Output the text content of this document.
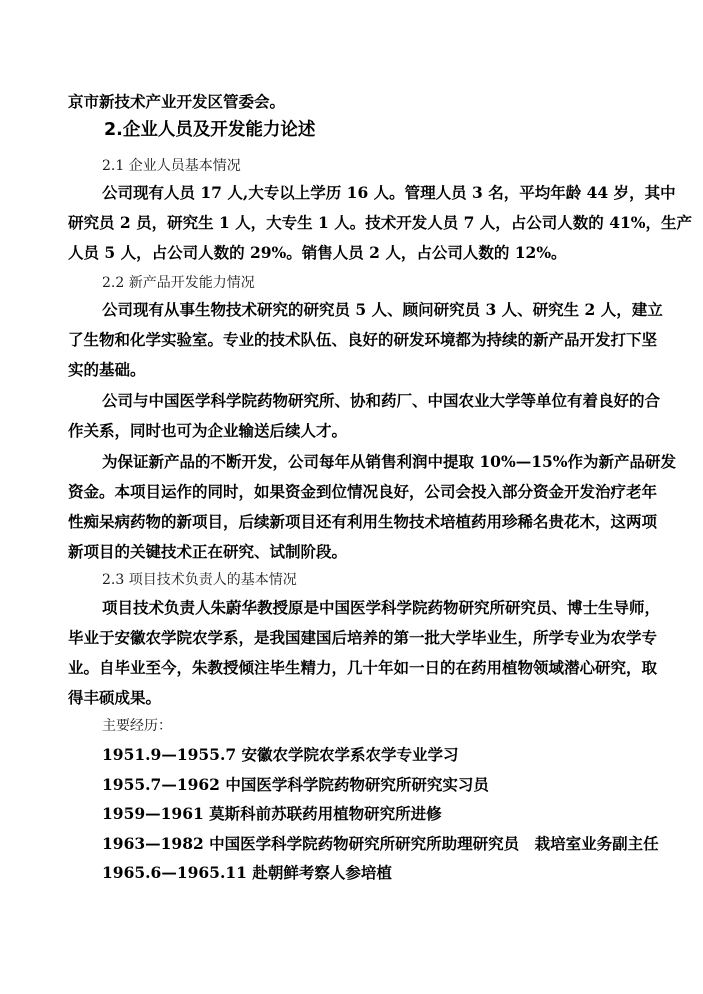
京市新技术产业开发区管委会。
2.企业人员及开发能力论述
2.1 企业人员基本情况
公司现有人员 17 人,大专以上学历 16 人。管理人员 3 名，平均年龄 44 岁，其中
研究员 2 员，研究生 1 人，大专生 1 人。技术开发人员 7 人，占公司人数的 41%，生产
人员 5 人，占公司人数的 29%。销售人员 2 人，占公司人数的 12%。
2.2 新产品开发能力情况
公司现有从事生物技术研究的研究员 5 人、顾问研究员 3 人、研究生 2 人，建立
了生物和化学实验室。专业的技术队伍、良好的研发环境都为持续的新产品开发打下坚
实的基础。
公司与中国医学科学院药物研究所、协和药厂、中国农业大学等单位有着良好的合
作关系，同时也可为企业输送后续人才。
为保证新产品的不断开发，公司每年从销售利润中提取 10%—15%作为新产品研发
资金。本项目运作的同时，如果资金到位情况良好，公司会投入部分资金开发治疗老年
性痴呆病药物的新项目，后续新项目还有利用生物技术培植药用珍稀名贵花木，这两项
新项目的关键技术正在研究、试制阶段。
2.3 项目技术负责人的基本情况
项目技术负责人朱蔚华教授原是中国医学科学院药物研究所研究员、博士生导师，
毕业于安徽农学院农学系，是我国建国后培养的第一批大学毕业生，所学专业为农学专
业。自毕业至今，朱教授倾注毕生精力，几十年如一日的在药用植物领域潜心研究，取
得丰硕成果。
主要经历：
1951.9—1955.7 安徽农学院农学系农学专业学习
1955.7—1962 中国医学科学院药物研究所研究实习员
1959—1961 莫斯科前苏联药用植物研究所进修
1963—1982 中国医学科学院药物研究所研究所助理研究员　栽培室业务副主任
1965.6—1965.11 赴朝鲜考察人参培植
